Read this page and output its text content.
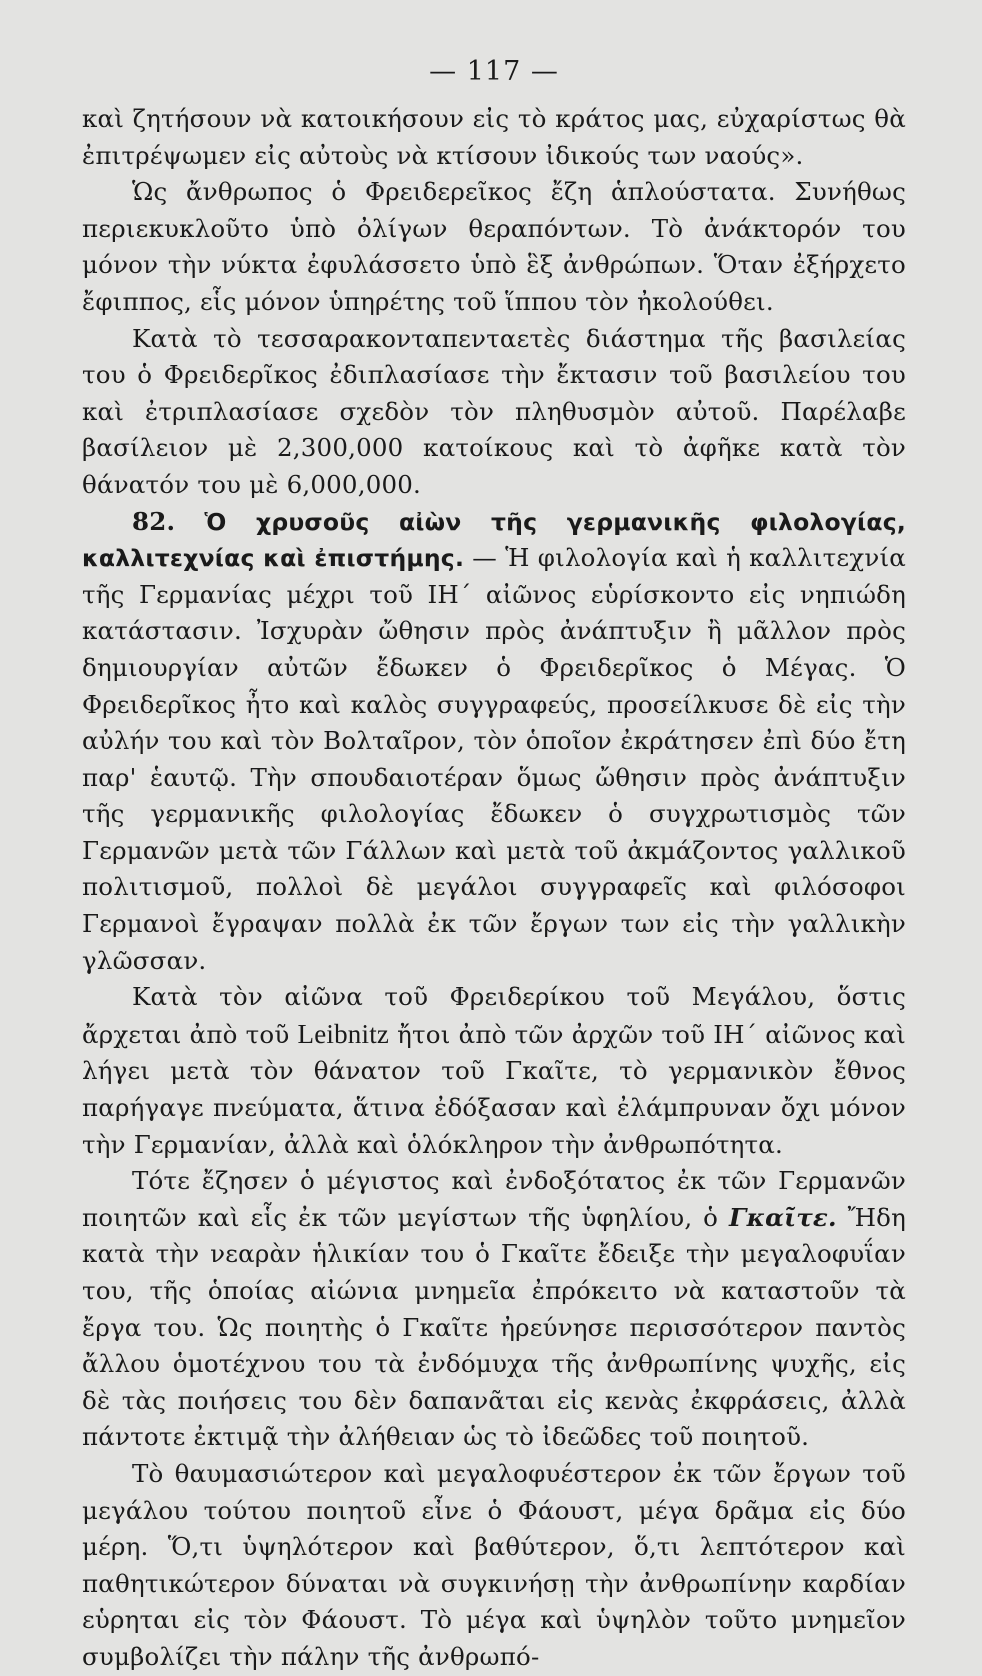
— 117 —

καὶ ζητήσουν νὰ κατοικήσουν εἰς τὸ κράτος μας, εὐχαρίστως θὰ ἐπιτρέψωμεν εἰς αὐτοὺς νὰ κτίσουν ἰδικούς των ναούς».

Ὡς ἄνθρωπος ὁ Φρειδερεῖκος ἔζη ἁπλούστατα. Συνήθως περιεκυκλοῦτο ὑπὸ ὀλίγων θεραπόντων. Τὸ ἀνάκτορόν του μόνον τὴν νύκτα ἐφυλάσσετο ὑπὸ ἓξ ἀνθρώπων. Ὅταν ἐξήρχετο ἔφιππος, εἷς μόνον ὑπηρέτης τοῦ ἵππου τὸν ἠκολούθει.

Κατὰ τὸ τεσσαρακονταπενταετὲς διάστημα τῆς βασιλείας του ὁ Φρειδερῖκος ἐδιπλασίασε τὴν ἔκτασιν τοῦ βασιλείου του καὶ ἐτριπλασίασε σχεδὸν τὸν πληθυσμὸν αὐτοῦ. Παρέλαβε βασίλειον μὲ 2,300,000 κατοίκους καὶ τὸ ἀφῆκε κατὰ τὸν θάνατόν του μὲ 6,000,000.

82. Ὁ χρυσοῦς αἰὼν τῆς γερμανικῆς φιλολογίας, καλλιτεχνίας καὶ ἐπιστήμης. — Ἡ φιλολογία καὶ ἡ καλλιτεχνία τῆς Γερμανίας μέχρι τοῦ ΙΗ΄ αἰῶνος εὑρίσκοντο εἰς νηπιώδη κατάστασιν. Ἰσχυρὰν ὤθησιν πρὸς ἀνάπτυξιν ἢ μᾶλλον πρὸς δημιουργίαν αὐτῶν ἔδωκεν ὁ Φρειδερῖκος ὁ Μέγας. Ὁ Φρειδερῖκος ἦτο καὶ καλὸς συγγραφεύς, προσείλκυσε δὲ εἰς τὴν αὐλήν του καὶ τὸν Βολταῖρον, τὸν ὁποῖον ἐκράτησεν ἐπὶ δύο ἔτη παρ' ἑαυτῷ. Τὴν σπουδαιοτέραν ὅμως ὤθησιν πρὸς ἀνάπτυξιν τῆς γερμανικῆς φιλολογίας ἔδωκεν ὁ συγχρωτισμὸς τῶν Γερμανῶν μετὰ τῶν Γάλλων καὶ μετὰ τοῦ ἀκμάζοντος γαλλικοῦ πολιτισμοῦ, πολλοὶ δὲ μεγάλοι συγγραφεῖς καὶ φιλόσοφοι Γερμανοὶ ἔγραψαν πολλὰ ἐκ τῶν ἔργων των εἰς τὴν γαλλικὴν γλῶσσαν.

Κατὰ τὸν αἰῶνα τοῦ Φρειδερίκου τοῦ Μεγάλου, ὅστις ἄρχεται ἀπὸ τοῦ Leibnitz ἤτοι ἀπὸ τῶν ἀρχῶν τοῦ ΙΗ΄ αἰῶνος καὶ λήγει μετὰ τὸν θάνατον τοῦ Γκαῖτε, τὸ γερμανικὸν ἔθνος παρήγαγε πνεύματα, ἅτινα ἐδόξασαν καὶ ἐλάμπρυναν ὄχι μόνον τὴν Γερμανίαν, ἀλλὰ καὶ ὁλόκληρον τὴν ἀνθρωπότητα.

Τότε ἔζησεν ὁ μέγιστος καὶ ἐνδοξότατος ἐκ τῶν Γερμανῶν ποιητῶν καὶ εἷς ἐκ τῶν μεγίστων τῆς ὑφηλίου, ὁ Γκαῖτε. Ἤδη κατὰ τὴν νεαρὰν ἡλικίαν του ὁ Γκαῖτε ἔδειξε τὴν μεγαλοφυΐαν του, τῆς ὁποίας αἰώνια μνημεῖα ἐπρόκειτο νὰ καταστοῦν τὰ ἔργα του. Ὡς ποιητὴς ὁ Γκαῖτε ἠρεύνησε περισσότερον παντὸς ἄλλου ὁμοτέχνου του τὰ ἐνδόμυχα τῆς ἀνθρωπίνης ψυχῆς, εἰς δὲ τὰς ποιήσεις του δὲν δαπανᾶται εἰς κενὰς ἐκφράσεις, ἀλλὰ πάντοτε ἐκτιμᾷ τὴν ἀλήθειαν ὡς τὸ ἰδεῶδες τοῦ ποιητοῦ.

Τὸ θαυμασιώτερον καὶ μεγαλοφυέστερον ἐκ τῶν ἔργων τοῦ μεγάλου τούτου ποιητοῦ εἶνε ὁ Φάουστ, μέγα δρᾶμα εἰς δύο μέρη. Ὅ,τι ὑψηλότερον καὶ βαθύτερον, ὅ,τι λεπτότερον καὶ παθητικώτερον δύναται νὰ συγκινήσῃ τὴν ἀνθρωπίνην καρδίαν εὑρηται εἰς τὸν Φάουστ. Τὸ μέγα καὶ ὑψηλὸν τοῦτο μνημεῖον συμβολίζει τὴν πάλην τῆς ἀνθρωπό-
